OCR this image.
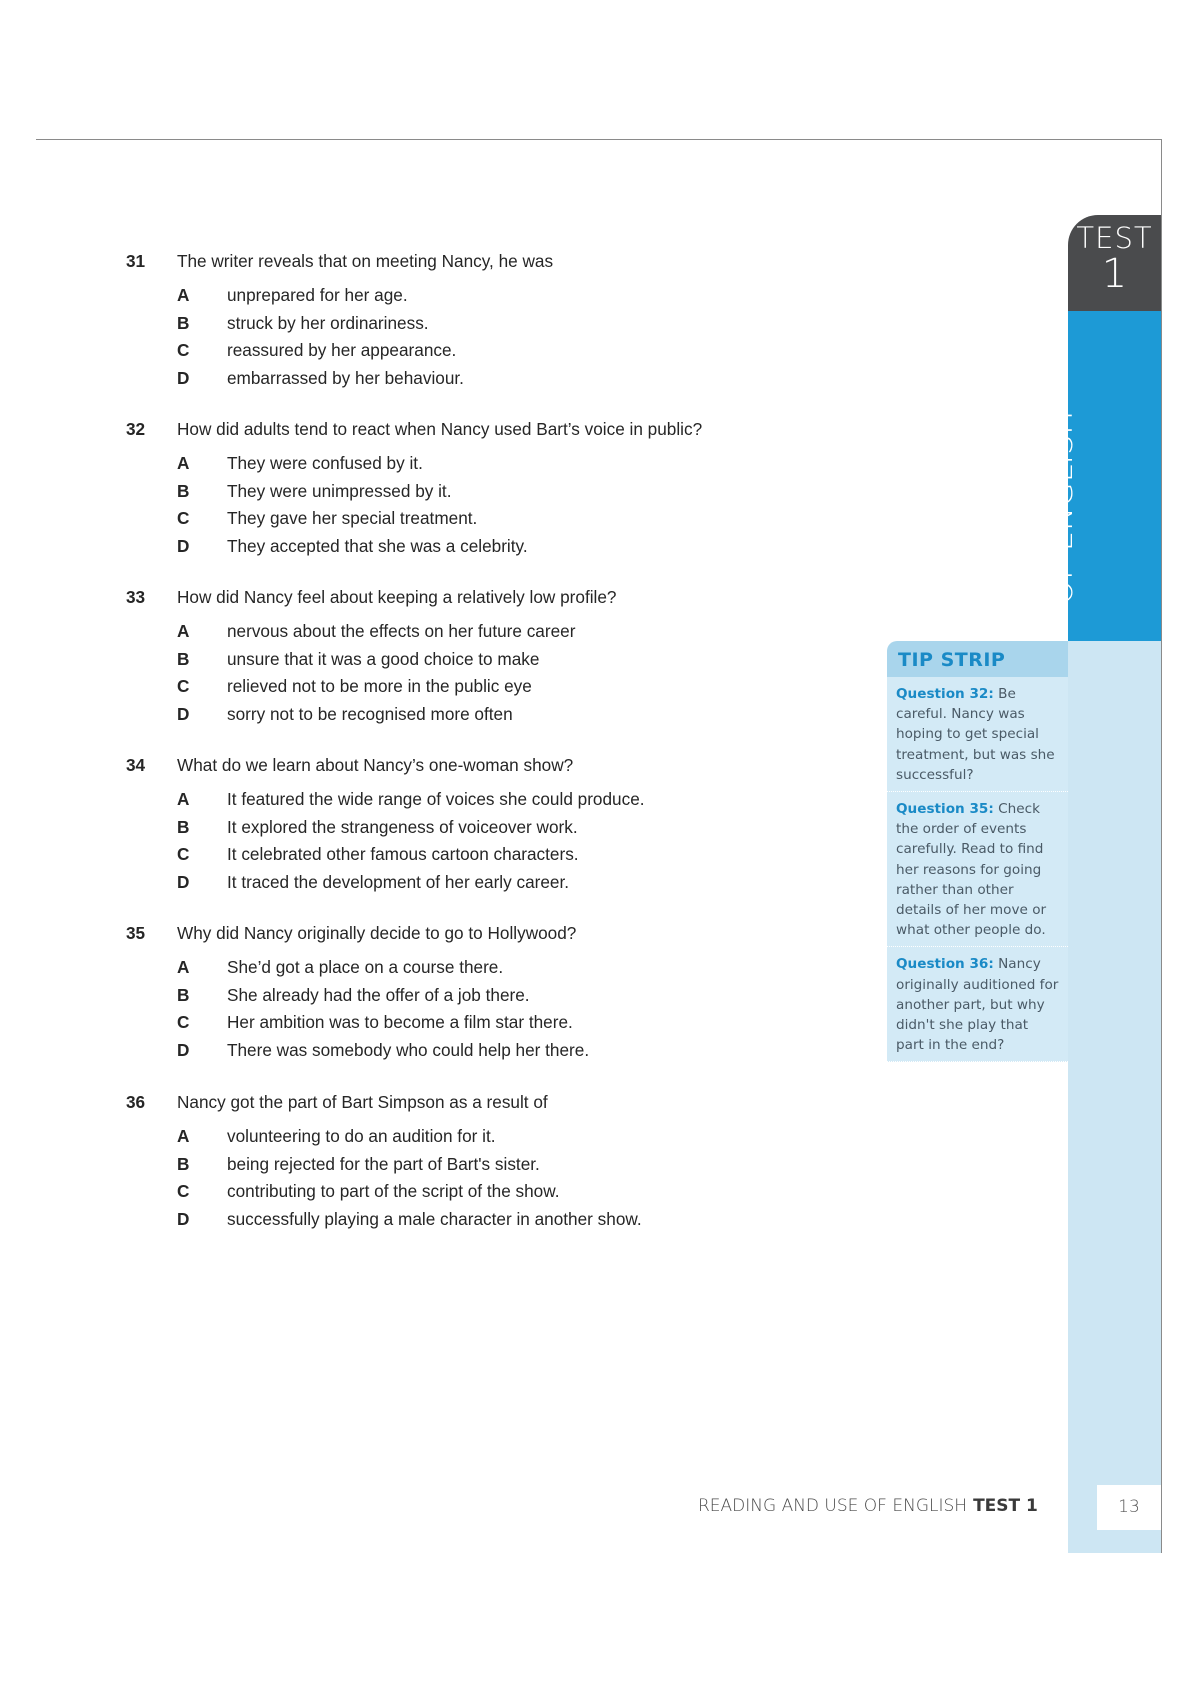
TEST
1
READING AND USE
OF ENGLISH
TIP STRIP
Question 32: Be careful. Nancy was hoping to get special treatment, but was she successful?
Question 35: Check the order of events carefully. Read to find her reasons for going rather than other details of her move or what other people do.
Question 36: Nancy originally auditioned for another part, but why didn't she play that part in the end?
31 The writer reveals that on meeting Nancy, he was
A unprepared for her age.
B struck by her ordinariness.
C reassured by her appearance.
D embarrassed by her behaviour.
32 How did adults tend to react when Nancy used Bart’s voice in public?
A They were confused by it.
B They were unimpressed by it.
C They gave her special treatment.
D They accepted that she was a celebrity.
33 How did Nancy feel about keeping a relatively low profile?
A nervous about the effects on her future career
B unsure that it was a good choice to make
C relieved not to be more in the public eye
D sorry not to be recognised more often
34 What do we learn about Nancy’s one-woman show?
A It featured the wide range of voices she could produce.
B It explored the strangeness of voiceover work.
C It celebrated other famous cartoon characters.
D It traced the development of her early career.
35 Why did Nancy originally decide to go to Hollywood?
A She’d got a place on a course there.
B She already had the offer of a job there.
C Her ambition was to become a film star there.
D There was somebody who could help her there.
36 Nancy got the part of Bart Simpson as a result of
A volunteering to do an audition for it.
B being rejected for the part of Bart's sister.
C contributing to part of the script of the show.
D successfully playing a male character in another show.
READING AND USE OF ENGLISH TEST 1	13
